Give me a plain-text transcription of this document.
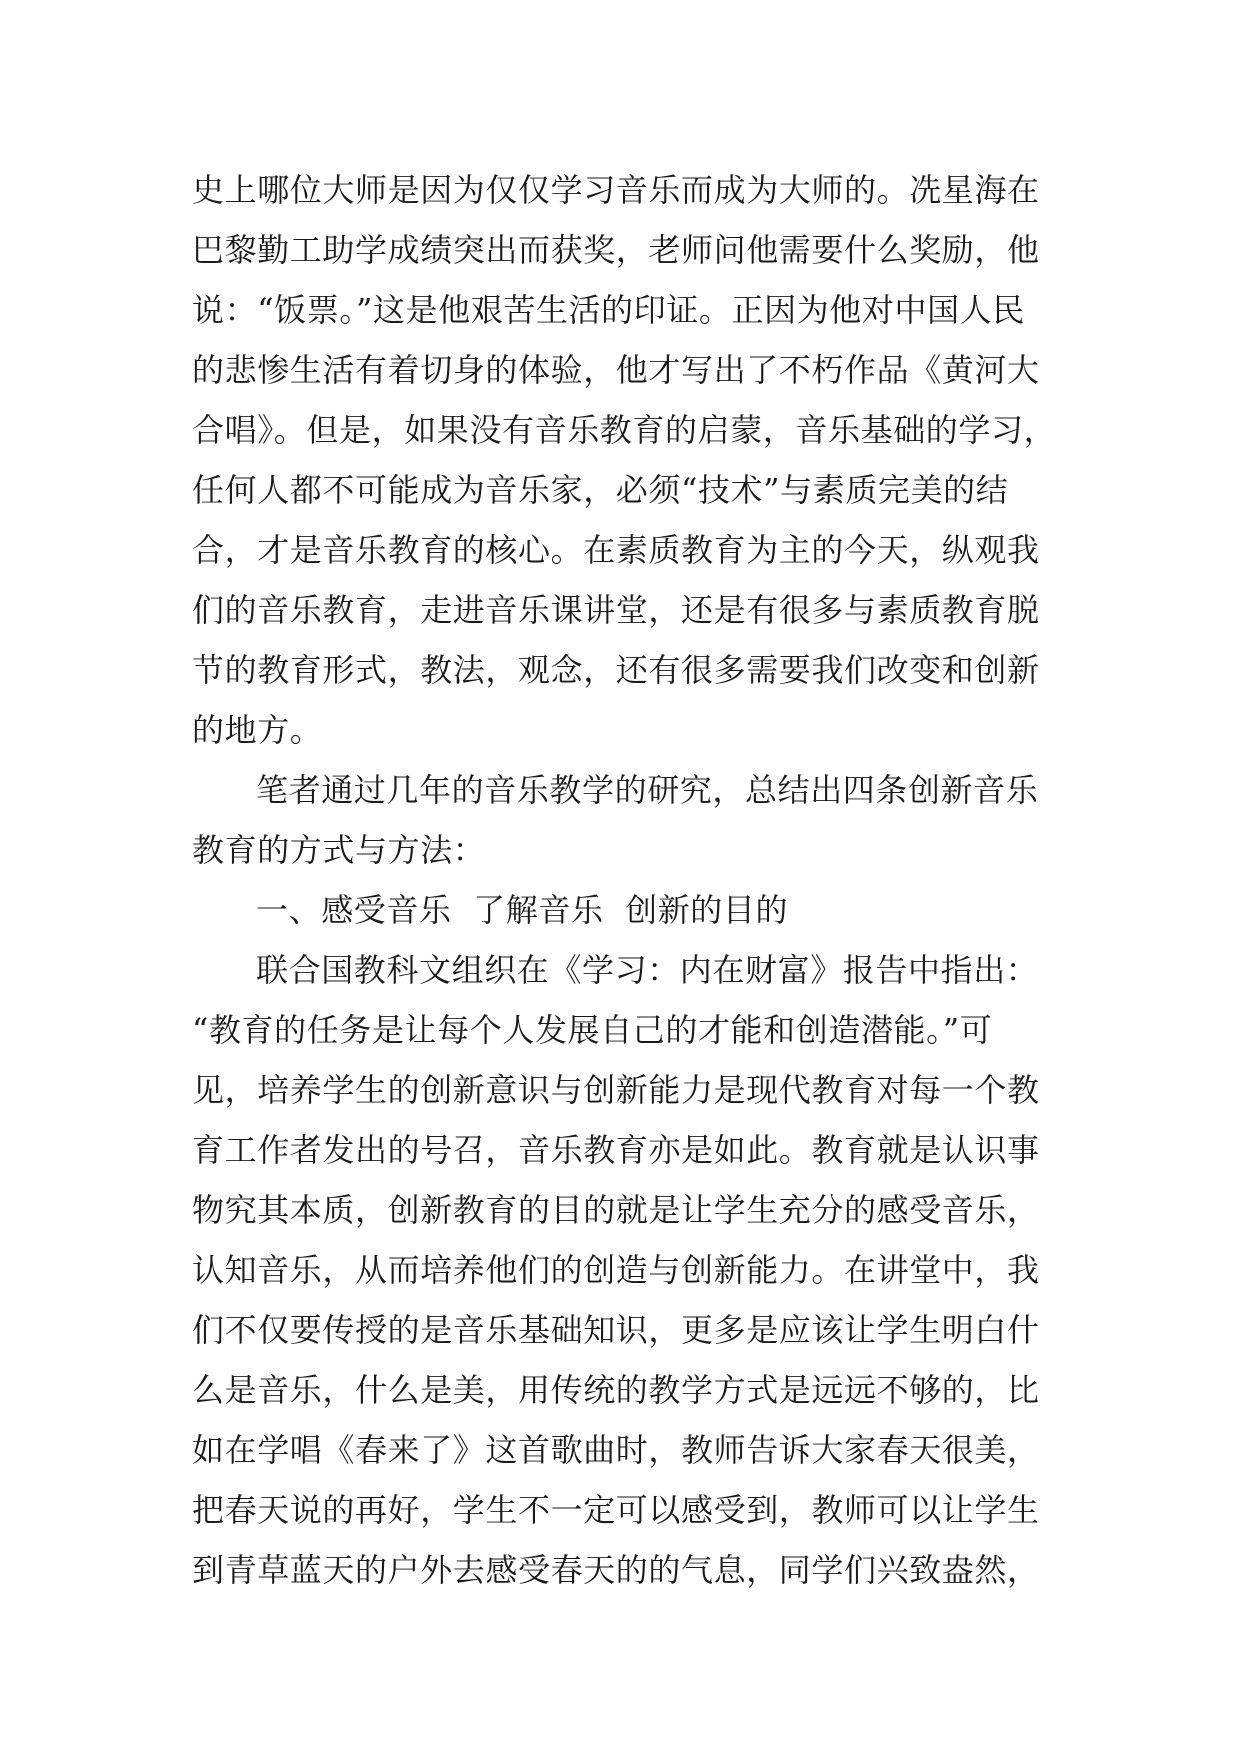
史上哪位大师是因为仅仅学习音乐而成为大师的。冼星海在

巴黎勤工助学成绩突出而获奖，老师问他需要什么奖励，他

说：“饭票。”这是他艰苦生活的印证。正因为他对中国人民

的悲惨生活有着切身的体验，他才写出了不朽作品《黄河大

合唱》。但是，如果没有音乐教育的启蒙，音乐基础的学习，

任何人都不可能成为音乐家，必须“技术”与素质完美的结

合，才是音乐教育的核心。在素质教育为主的今天，纵观我

们的音乐教育，走进音乐课讲堂，还是有很多与素质教育脱

节的教育形式，教法，观念，还有很多需要我们改变和创新

的地方。

笔者通过几年的音乐教学的研究，总结出四条创新音乐

教育的方式与方法：

一、感受音乐  了解音乐  创新的目的

联合国教科文组织在《学习：内在财富》报告中指出：

“教育的任务是让每个人发展自己的才能和创造潜能。”可

见，培养学生的创新意识与创新能力是现代教育对每一个教

育工作者发出的号召，音乐教育亦是如此。教育就是认识事

物究其本质，创新教育的目的就是让学生充分的感受音乐，

认知音乐，从而培养他们的创造与创新能力。在讲堂中，我

们不仅要传授的是音乐基础知识，更多是应该让学生明白什

么是音乐，什么是美，用传统的教学方式是远远不够的，比

如在学唱《春来了》这首歌曲时，教师告诉大家春天很美，

把春天说的再好，学生不一定可以感受到，教师可以让学生

到青草蓝天的户外去感受春天的的气息，同学们兴致盎然，
